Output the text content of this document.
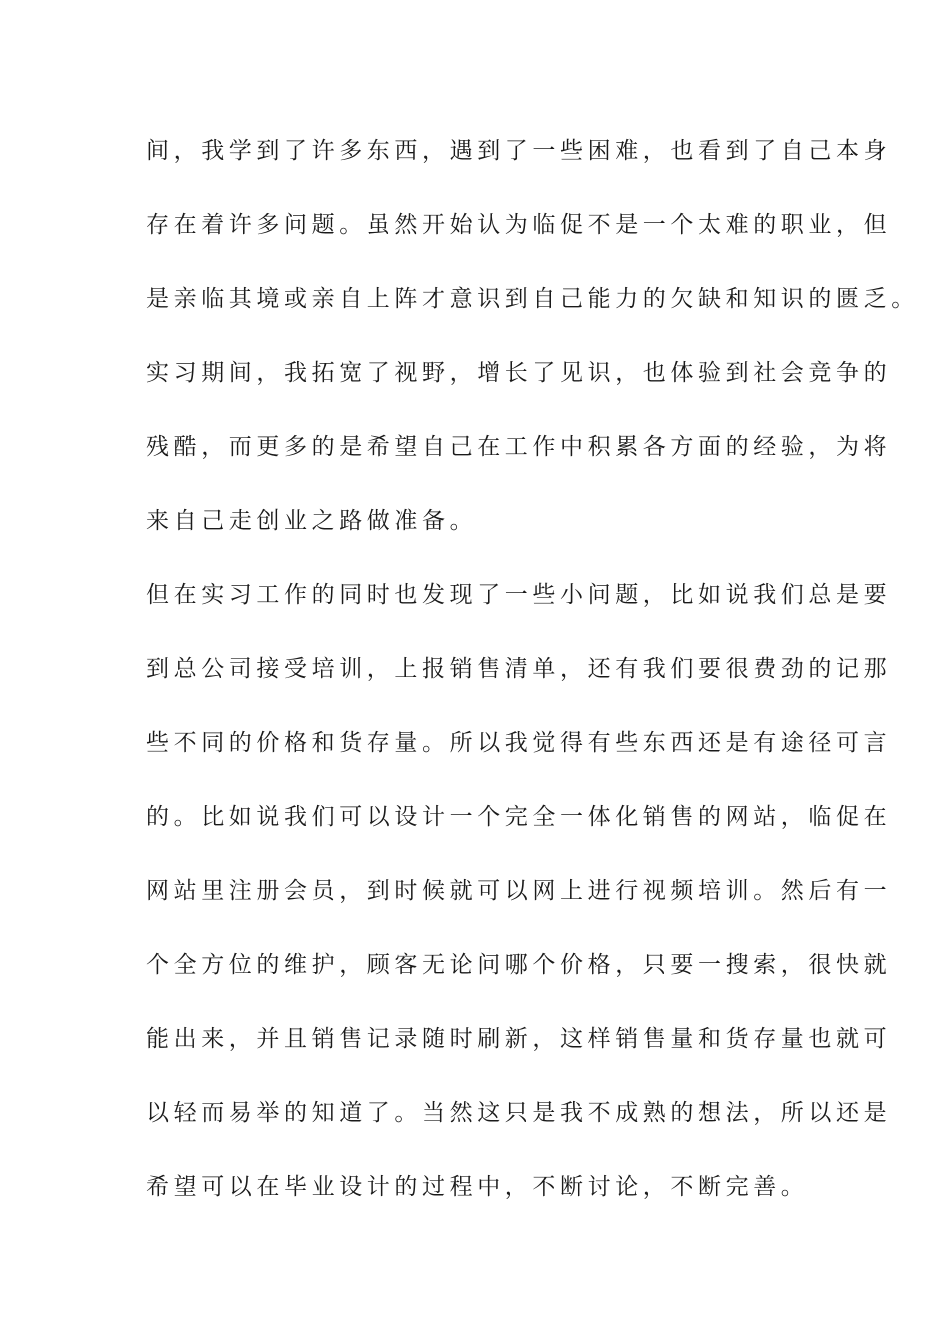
间，我学到了许多东西，遇到了一些困难，也看到了自己本身
存在着许多问题。虽然开始认为临促不是一个太难的职业，但
是亲临其境或亲自上阵才意识到自己能力的欠缺和知识的匮乏。
实习期间，我拓宽了视野，增长了见识，也体验到社会竞争的
残酷，而更多的是希望自己在工作中积累各方面的经验，为将
来自己走创业之路做准备。
但在实习工作的同时也发现了一些小问题，比如说我们总是要
到总公司接受培训，上报销售清单，还有我们要很费劲的记那
些不同的价格和货存量。所以我觉得有些东西还是有途径可言
的。比如说我们可以设计一个完全一体化销售的网站，临促在
网站里注册会员，到时候就可以网上进行视频培训。然后有一
个全方位的维护，顾客无论问哪个价格，只要一搜索，很快就
能出来，并且销售记录随时刷新，这样销售量和货存量也就可
以轻而易举的知道了。当然这只是我不成熟的想法，所以还是
希望可以在毕业设计的过程中，不断讨论，不断完善。
